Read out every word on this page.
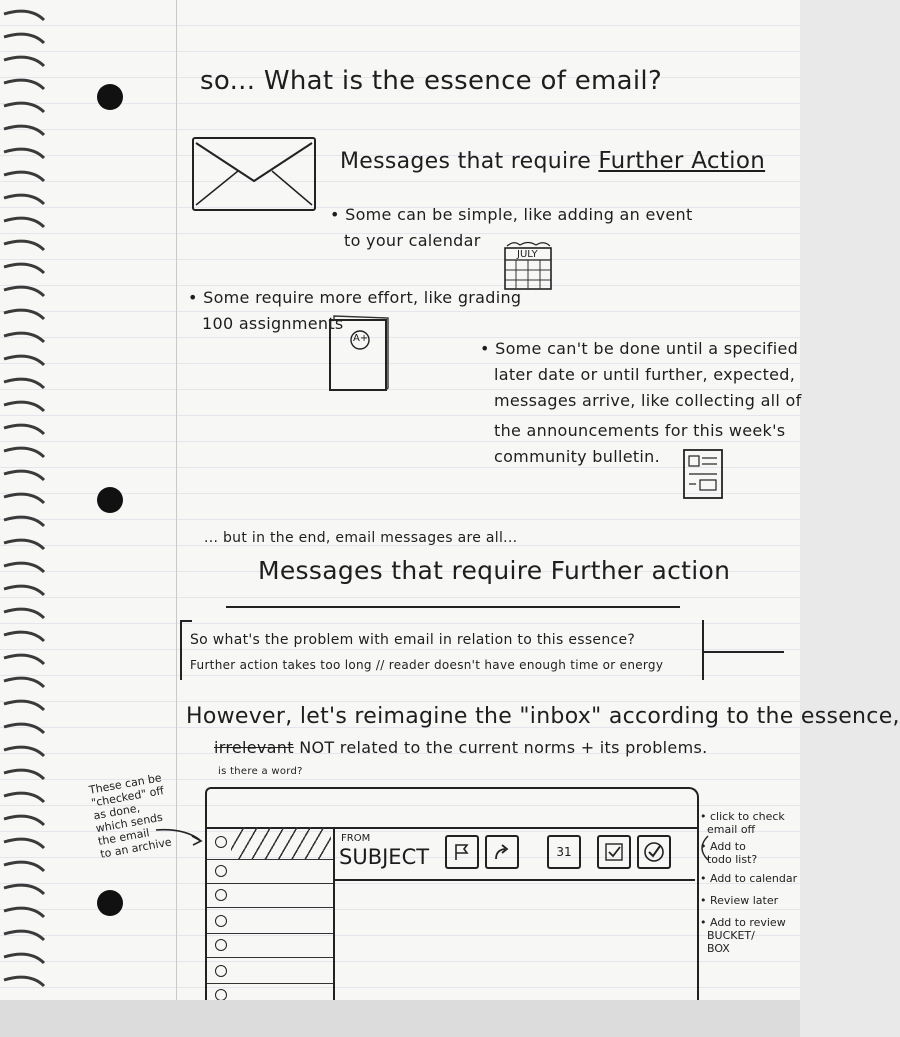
so... What is the essence of email?
Messages that require Further Action
• Some can be simple, like adding an event
to your calendar
JULY
• Some require more effort, like grading
100 assignments
A+
• Some can't be done until a specified
later date or until further, expected,
messages arrive, like collecting all of
the announcements for this week's
community bulletin.
... but in the end, email messages are all...
Messages that require Further action
So what's the problem with email in relation to this essence?
Further action takes too long // reader doesn't have enough time or energy
However, let's reimagine the "inbox" according to the essence,
irrelevant NOT related to the current norms + its problems.
is there a word?
These can be
"checked" off
as done,
which sends
the email
to an archive	FROM
SUBJECT	31
• click to check
email off
• Add to
todo list?
• Add to calendar
• Review later
• Add to review
BUCKET/
BOX
